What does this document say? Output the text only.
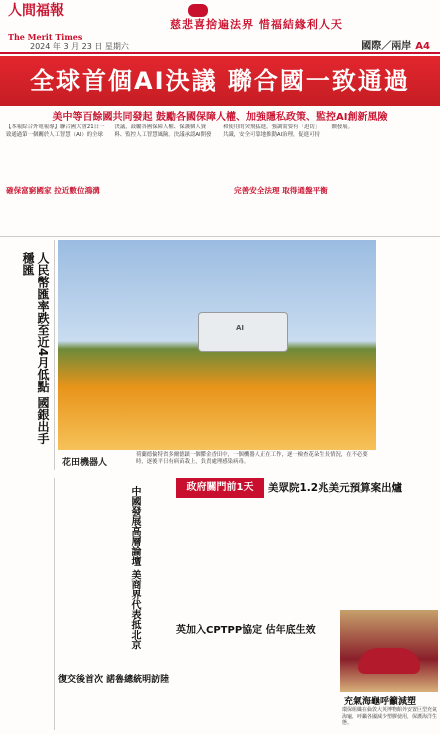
人間福報
The Merit Times
2024 年 3 月 23 日 星期六
慈悲喜捨遍法界 惜福結緣利人天
國際／兩岸 A4
全球首個AI決議 聯合國一致通過
美中等百餘國共同發起 鼓勵各國保障人權、加強隱私政策、監控AI創新風險
【本報綜合外電報導】聯合國大會21日一致通過第一個關於人工智慧（AI）的全球決議，鼓勵各國保障人權、保護個人資料、監控人工智慧風險。決議承認AI開發和使用的突飛猛進，強調需要有「迫切」共識，安全可靠地推動AI治理，促進可持續發展。
確保富窮國家 拉近數位鴻溝	完善安全法理 取得通盤平衡
人民幣匯率跌至近4月低點 國銀出手穩匯
AI
花田機器人
荷蘭德倫特省多爾德鎮一個鬱金香田中，一個機器人正在工作，逐一檢查花朵生長情況，在不必要時，逐後平日有病苗栽上，負責處理感染病毒。
中國發展高層論壇 美商界代表抵北京	政府關門前1天	美眾院1.2兆美元預算案出爐
英加入CPTPP協定 估年底生效
充氣海龜呼籲減塑
環保組織在倫敦大英博物館外安置巨型充氣海龜，呼籲各國減少塑膠使用，保護海洋生態。
復交後首次 諾魯總統明訪陸
